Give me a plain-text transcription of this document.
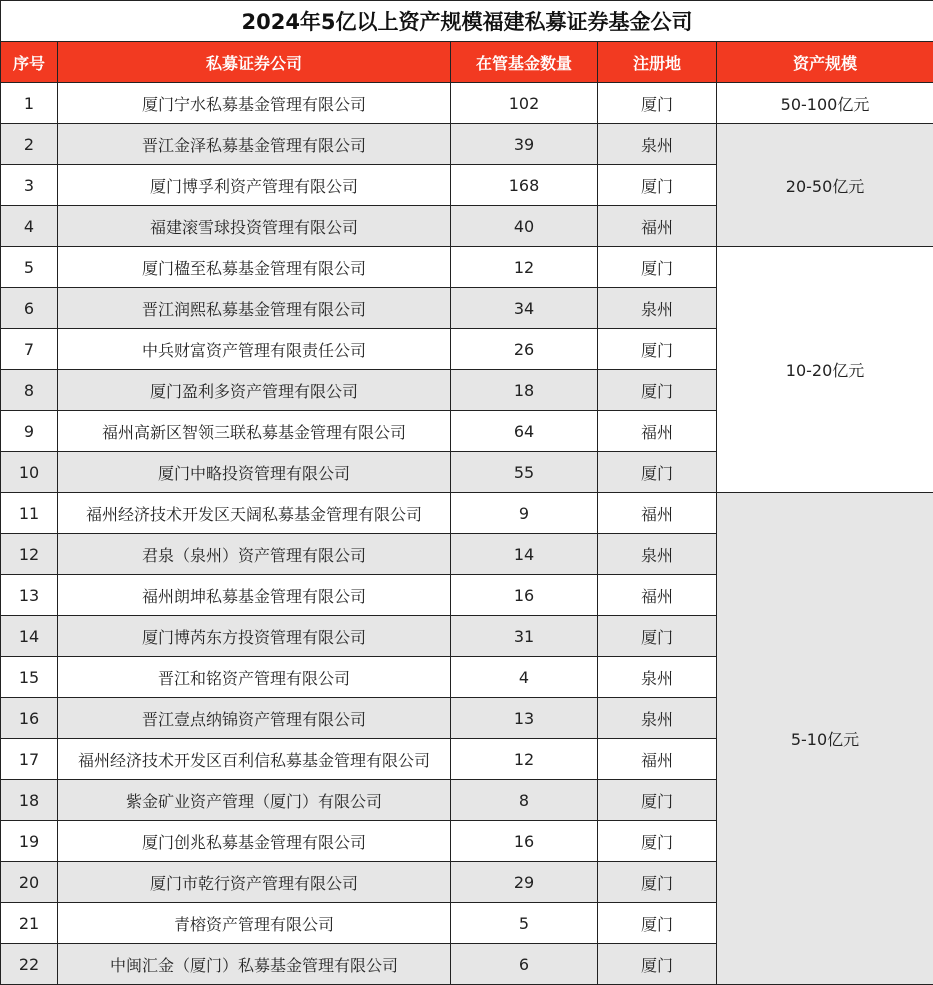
2024年5亿以上资产规模福建私募证券基金公司				
序号	私募证券公司	在管基金数量	注册地	资产规模
1	厦门宁水私募基金管理有限公司	102	厦门	50-100亿元
2	晋江金泽私募基金管理有限公司	39	泉州	20-50亿元
3	厦门博孚利资产管理有限公司	168	厦门	
4	福建滚雪球投资管理有限公司	40	福州	
5	厦门楹至私募基金管理有限公司	12	厦门	10-20亿元
6	晋江润熙私募基金管理有限公司	34	泉州	
7	中兵财富资产管理有限责任公司	26	厦门	
8	厦门盈利多资产管理有限公司	18	厦门	
9	福州高新区智领三联私募基金管理有限公司	64	福州	
10	厦门中略投资管理有限公司	55	厦门	
11	福州经济技术开发区天阔私募基金管理有限公司	9	福州	5-10亿元
12	君泉（泉州）资产管理有限公司	14	泉州	
13	福州朗坤私募基金管理有限公司	16	福州	
14	厦门博芮东方投资管理有限公司	31	厦门	
15	晋江和铭资产管理有限公司	4	泉州	
16	晋江壹点纳锦资产管理有限公司	13	泉州	
17	福州经济技术开发区百利信私募基金管理有限公司	12	福州	
18	紫金矿业资产管理（厦门）有限公司	8	厦门	
19	厦门创兆私募基金管理有限公司	16	厦门	
20	厦门市乾行资产管理有限公司	29	厦门	
21	青榕资产管理有限公司	5	厦门	
22	中闽汇金（厦门）私募基金管理有限公司	6	厦门	
